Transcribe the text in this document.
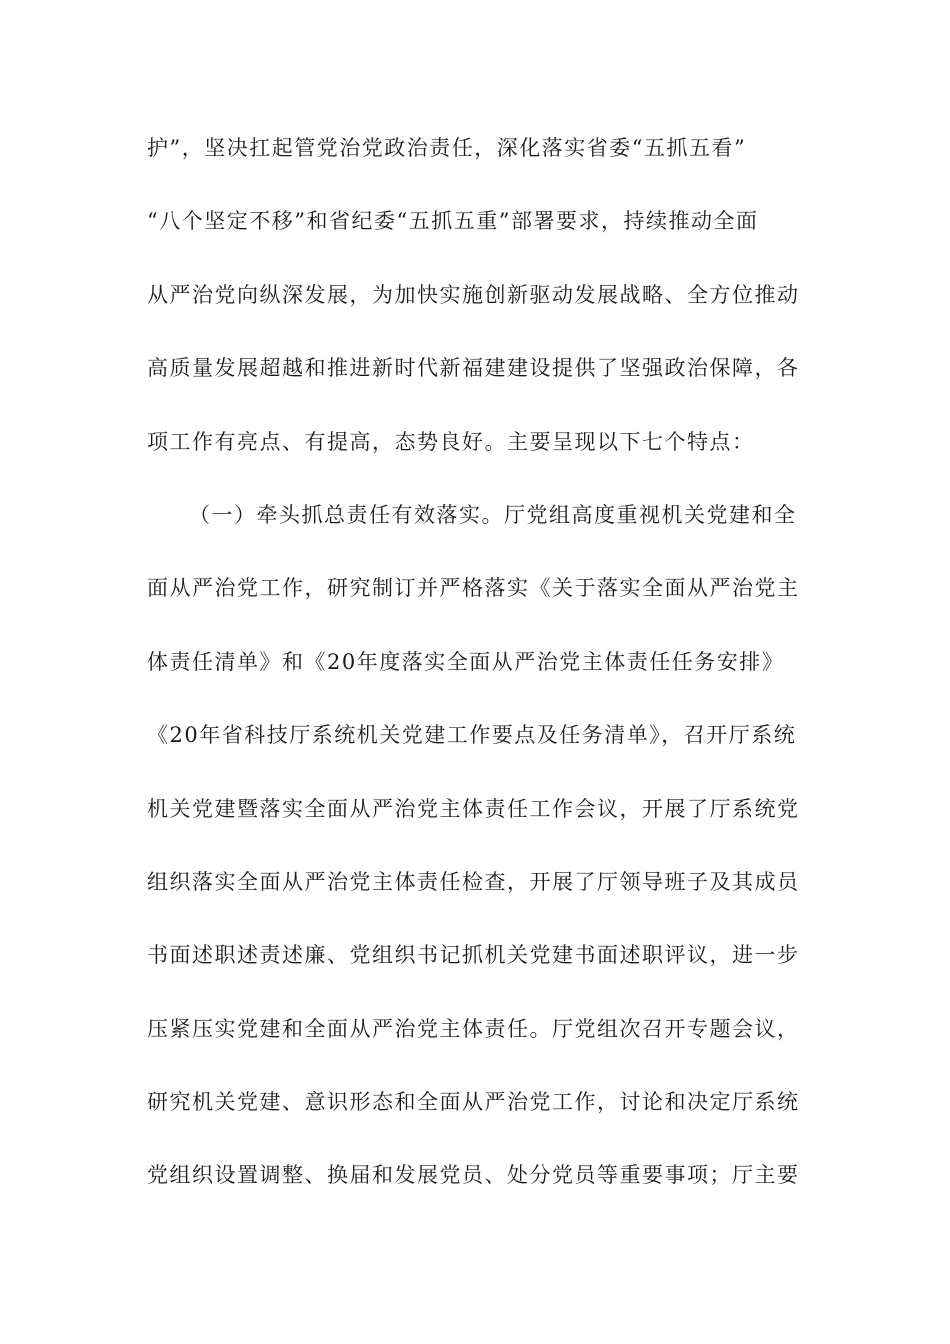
护”，坚决扛起管党治党政治责任，深化落实省委“五抓五看”
“八个坚定不移”和省纪委“五抓五重”部署要求，持续推动全面
从严治党向纵深发展，为加快实施创新驱动发展战略、全方位推动
高质量发展超越和推进新时代新福建建设提供了坚强政治保障，各
项工作有亮点、有提高，态势良好。主要呈现以下七个特点：
（一）牵头抓总责任有效落实。厅党组高度重视机关党建和全
面从严治党工作，研究制订并严格落实《关于落实全面从严治党主
体责任清单》和《20年度落实全面从严治党主体责任任务安排》
《20年省科技厅系统机关党建工作要点及任务清单》，召开厅系统
机关党建暨落实全面从严治党主体责任工作会议，开展了厅系统党
组织落实全面从严治党主体责任检查，开展了厅领导班子及其成员
书面述职述责述廉、党组织书记抓机关党建书面述职评议，进一步
压紧压实党建和全面从严治党主体责任。厅党组次召开专题会议，
研究机关党建、意识形态和全面从严治党工作，讨论和决定厅系统
党组织设置调整、换届和发展党员、处分党员等重要事项；厅主要
